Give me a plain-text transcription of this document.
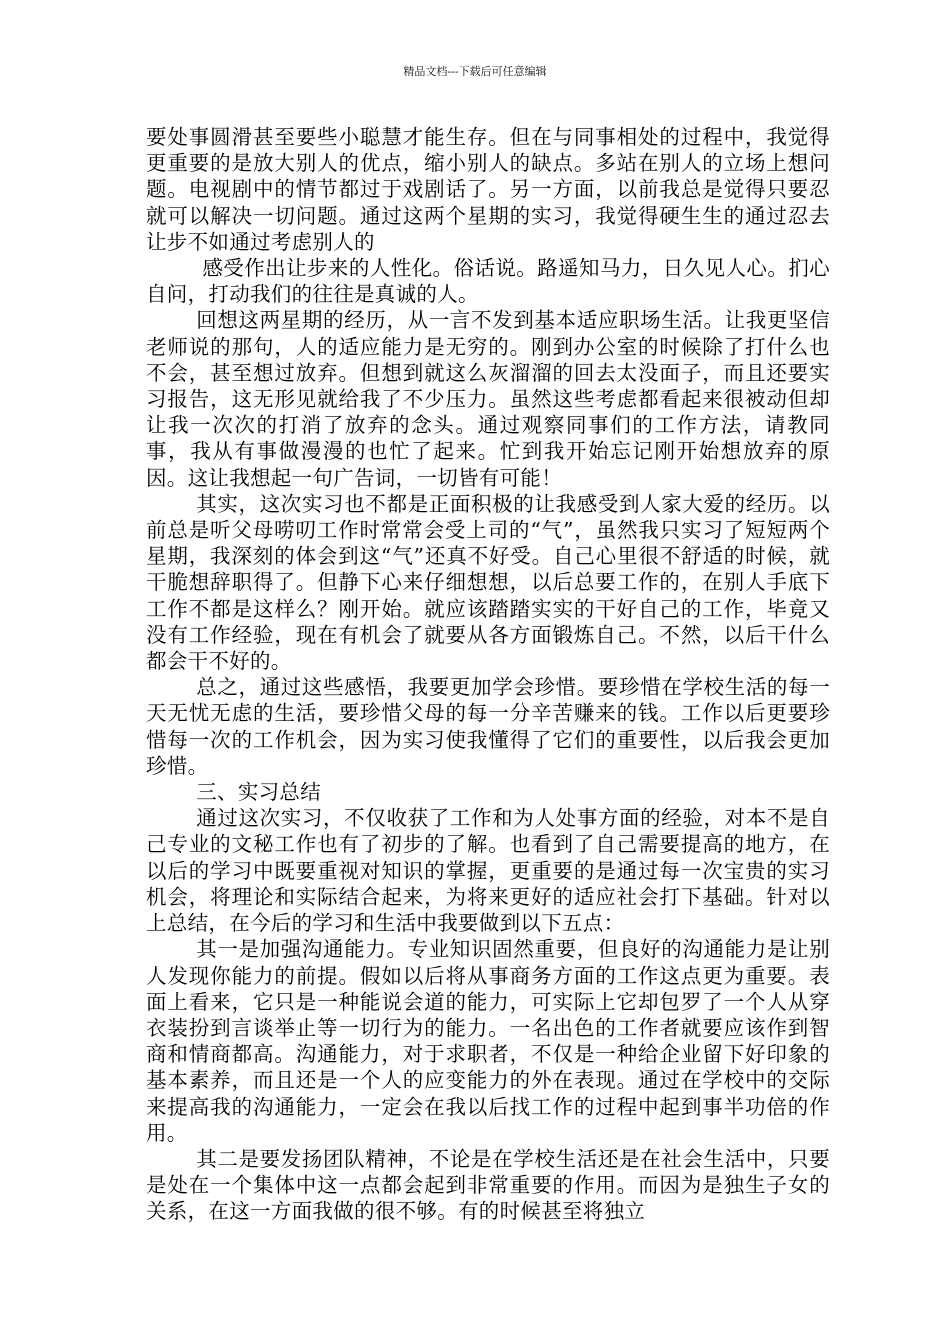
精品文档---下载后可任意编辑

要处事圆滑甚至要些小聪慧才能生存。但在与同事相处的过程中，我觉得更重要的是放大别人的优点，缩小别人的缺点。多站在别人的立场上想问题。电视剧中的情节都过于戏剧话了。另一方面，以前我总是觉得只要忍就可以解决一切问题。通过这两个星期的实习，我觉得硬生生的通过忍去让步不如通过考虑别人的

感受作出让步来的人性化。俗话说。路遥知马力，日久见人心。扪心自问，打动我们的往往是真诚的人。

回想这两星期的经历，从一言不发到基本适应职场生活。让我更坚信老师说的那句，人的适应能力是无穷的。刚到办公室的时候除了打什么也不会，甚至想过放弃。但想到就这么灰溜溜的回去太没面子，而且还要实习报告，这无形见就给我了不少压力。虽然这些考虑都看起来很被动但却让我一次次的打消了放弃的念头。通过观察同事们的工作方法，请教同事，我从有事做漫漫的也忙了起来。忙到我开始忘记刚开始想放弃的原因。这让我想起一句广告词，一切皆有可能！

其实，这次实习也不都是正面积极的让我感受到人家大爱的经历。以前总是听父母唠叨工作时常常会受上司的“气”，虽然我只实习了短短两个星期，我深刻的体会到这“气”还真不好受。自己心里很不舒适的时候，就干脆想辞职得了。但静下心来仔细想想，以后总要工作的，在别人手底下工作不都是这样么？刚开始。就应该踏踏实实的干好自己的工作，毕竟又没有工作经验，现在有机会了就要从各方面锻炼自己。不然，以后干什么都会干不好的。

总之，通过这些感悟，我要更加学会珍惜。要珍惜在学校生活的每一天无忧无虑的生活，要珍惜父母的每一分辛苦赚来的钱。工作以后更要珍惜每一次的工作机会，因为实习使我懂得了它们的重要性，以后我会更加珍惜。

三、实习总结

通过这次实习，不仅收获了工作和为人处事方面的经验，对本不是自己专业的文秘工作也有了初步的了解。也看到了自己需要提高的地方，在以后的学习中既要重视对知识的掌握，更重要的是通过每一次宝贵的实习机会，将理论和实际结合起来，为将来更好的适应社会打下基础。针对以上总结，在今后的学习和生活中我要做到以下五点：

其一是加强沟通能力。专业知识固然重要，但良好的沟通能力是让别人发现你能力的前提。假如以后将从事商务方面的工作这点更为重要。表面上看来，它只是一种能说会道的能力，可实际上它却包罗了一个人从穿衣装扮到言谈举止等一切行为的能力。一名出色的工作者就要应该作到智商和情商都高。沟通能力，对于求职者，不仅是一种给企业留下好印象的基本素养，而且还是一个人的应变能力的外在表现。通过在学校中的交际来提高我的沟通能力，一定会在我以后找工作的过程中起到事半功倍的作用。

其二是要发扬团队精神，不论是在学校生活还是在社会生活中，只要是处在一个集体中这一点都会起到非常重要的作用。而因为是独生子女的关系，在这一方面我做的很不够。有的时候甚至将独立
